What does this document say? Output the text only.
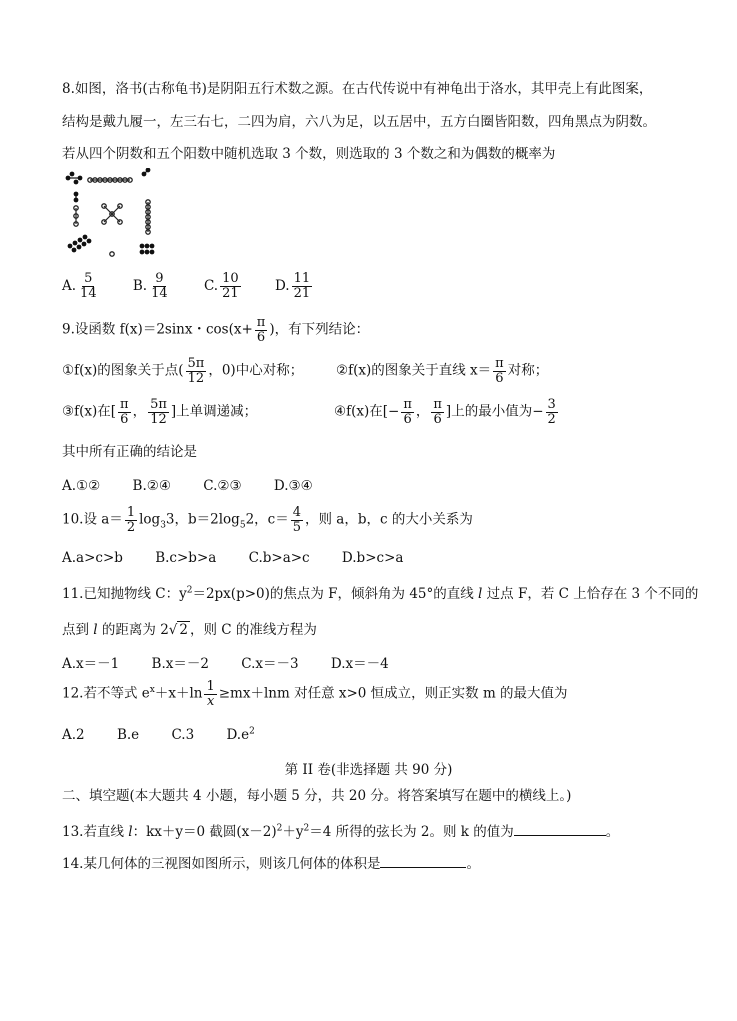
8.如图，洛书(古称龟书)是阴阳五行术数之源。在古代传说中有神龟出于洛水，其甲壳上有此图案，
结构是戴九履一，左三右七，二四为肩，六八为足，以五居中，五方白圈皆阳数，四角黑点为阴数。
若从四个阴数和五个阳数中随机选取 3 个数，则选取的 3 个数之和为偶数的概率为
A. $\frac{5}{14}$	B. $\frac{9}{14}$	C. $\frac{10}{21}$	D. $\frac{11}{21}$
9.设函数 f(x)＝2sinx・$\cos(x+ \frac{\pi}{6}$ )，有下列结论：
①f(x)的图象关于点( $\frac{5\pi}{12}$ ，0)中心对称； ②f(x)的图象关于直线 $x= \frac{\pi}{6}$ 对称；
③f(x)在[ $\frac{\pi}{6}$ ， $\frac{5\pi}{12}$ ]上单调递减；	④f(x)在[− $\frac{\pi}{6}$ ， $\frac{\pi}{6}$ ]上的最小值为− $\frac{3}{2}$
其中所有正确的结论是
A.①② B.②④ C.②③ D.③④
10.设 $a= \frac{1}{2} \log_33$，$b=2\log_52$，$c= \frac{4}{5}$ ，则 a，b，c 的大小关系为
A.a>c>b B.c>b>a C.b>a>c D.b>c>a
11.已知抛物线 C：$y^2=2px(p>0)$的焦点为 F，倾斜角为 45°的直线 l 过点 F，若 C 上恰存在 3 个不同的
点到 l 的距离为 2√ 2 ，则 C 的准线方程为
A.x＝－1 B.x＝－2 C.x＝－3 D.x＝－4
12.若不等式 $e^x+x+\ln \frac{1}{x} \ge mx+\ln m$ 对任意 x>0 恒成立，则正实数 m 的最大值为
A.2 B.e C.3 $D.e^2$
第 II 卷(非选择题 共 90 分)
二、填空题(本大题共 4 小题，每小题 5 分，共 20 分。将答案填写在题中的横线上。)
13.若直线 l：kx＋y＝0 截圆$(x-2)^2+y^2=4$ 所得的弦长为 2。则 k 的值为	。
14.某几何体的三视图如图所示，则该几何体的体积是	。
